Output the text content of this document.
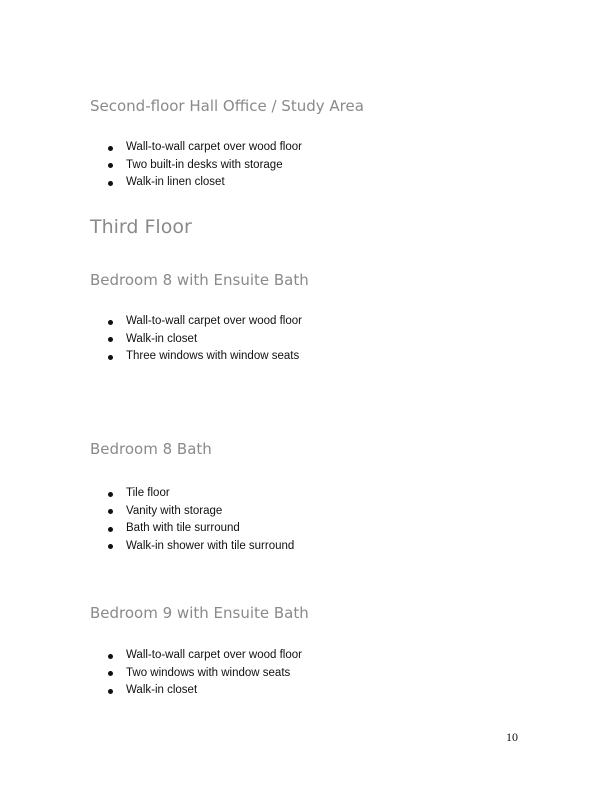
Second-floor Hall Office / Study Area
Wall-to-wall carpet over wood floor
Two built-in desks with storage
Walk-in linen closet
Third Floor
Bedroom 8 with Ensuite Bath
Wall-to-wall carpet over wood floor
Walk-in closet
Three windows with window seats
Bedroom 8 Bath
Tile floor
Vanity with storage
Bath with tile surround
Walk-in shower with tile surround
Bedroom 9 with Ensuite Bath
Wall-to-wall carpet over wood floor
Two windows with window seats
Walk-in closet
10
